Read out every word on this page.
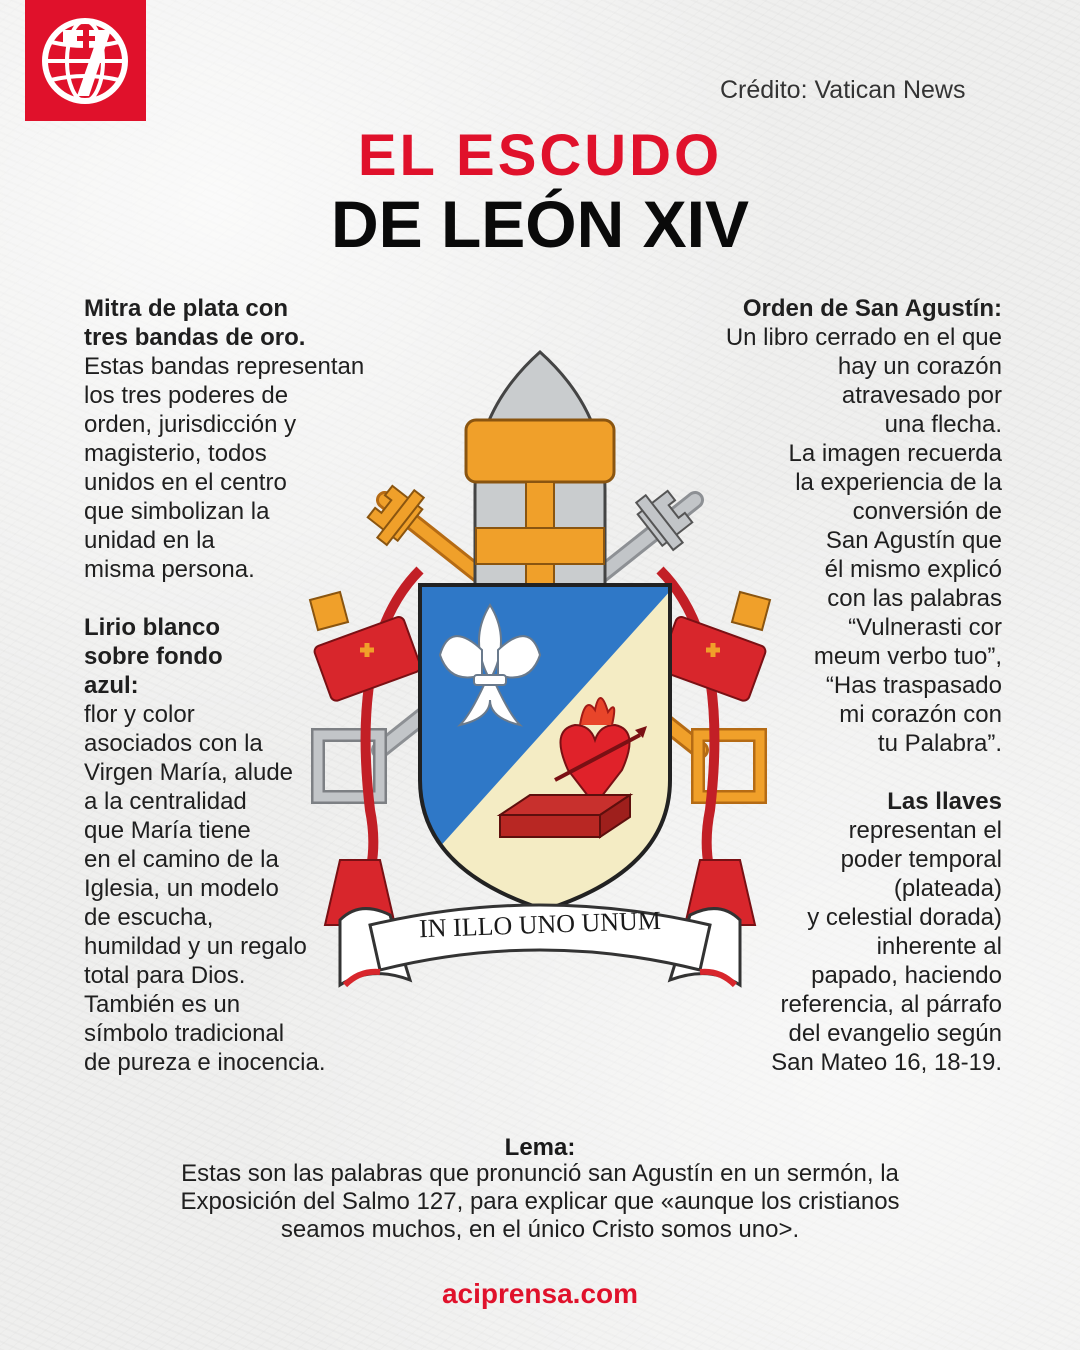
Crédito: Vatican News
EL ESCUDO
DE LEÓN XIV
Mitra de plata con
tres bandas de oro.
Estas bandas representan
los tres poderes de
orden, jurisdicción y
magisterio, todos
unidos en el centro
que simbolizan la
unidad en la
misma persona.
Lirio blanco
sobre fondo
azul:
flor y color
asociados con la
Virgen María, alude
a la centralidad
que María tiene
en el camino de la
Iglesia, un modelo
de escucha,
humildad y un regalo
total para Dios.
También es un
símbolo tradicional
de pureza e inocencia.
Orden de San Agustín:
Un libro cerrado en el que
hay un corazón
atravesado por
una flecha.
La imagen recuerda
la experiencia de la
conversión de
San Agustín que
él mismo explicó
con las palabras
“Vulnerasti cor
meum verbo tuo”,
“Has traspasado
mi corazón con
tu Palabra”.
Las llaves
representan el
poder temporal
(plateada)
y celestial dorada)
inherente al
papado, haciendo
referencia, al párrafo
del evangelio según
San Mateo 16, 18-19.
IN ILLO UNO UNUM
Lema:
Estas son las palabras que pronunció san Agustín en un sermón, la
Exposición del Salmo 127, para explicar que «aunque los cristianos
seamos muchos, en el único Cristo somos uno>.
aciprensa.com
